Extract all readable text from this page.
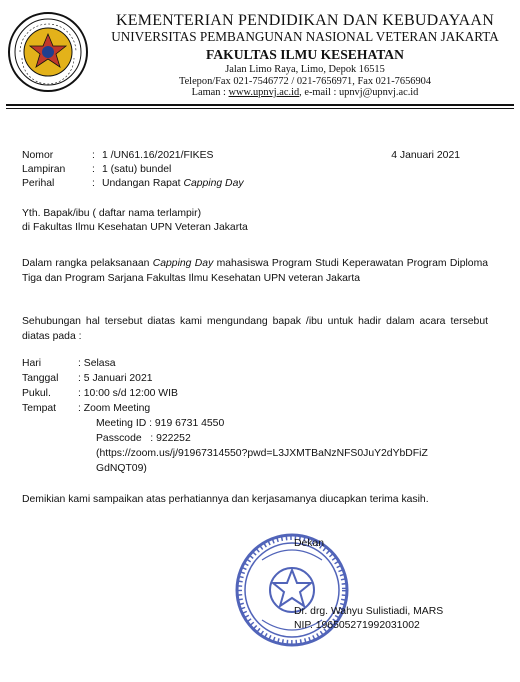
KEMENTERIAN PENDIDIKAN DAN KEBUDAYAAN
UNIVERSITAS PEMBANGUNAN NASIONAL VETERAN JAKARTA
FAKULTAS ILMU KESEHATAN
Jalan Limo Raya, Limo, Depok 16515
Telepon/Fax 021-7546772 / 021-7656971, Fax 021-7656904
Laman : www.upnvj.ac.id, e-mail : upnvj@upnvj.ac.id
Nomor	: 1 /UN61.16/2021/FIKES	4 Januari 2021
Lampiran	: 1 (satu) bundel
Perihal	: Undangan Rapat Capping Day
Yth. Bapak/ibu ( daftar nama terlampir)
di Fakultas Ilmu Kesehatan UPN Veteran Jakarta
Dalam rangka pelaksanaan Capping Day mahasiswa Program Studi Keperawatan Program Diploma Tiga dan Program Sarjana Fakultas Ilmu Kesehatan UPN veteran Jakarta
Sehubungan hal tersebut diatas kami mengundang bapak /ibu untuk hadir dalam acara tersebut diatas pada :
Hari	: Selasa
Tanggal : 5 Januari 2021
Pukul.	: 10:00 s/d 12:00 WIB
Tempat : Zoom Meeting
Meeting ID : 919 6731 4550
Passcode   : 922252
(https://zoom.us/j/91967314550?pwd=L3JXMTBaNzNFS0JuY2dYbDFiZ
GdNQT09)
Demikian kami sampaikan atas perhatiannya dan kerjasamanya diucapkan terima kasih.
Dekan
Dr. drg. Wahyu Sulistiadi, MARS
NIP. 196505271992031002
